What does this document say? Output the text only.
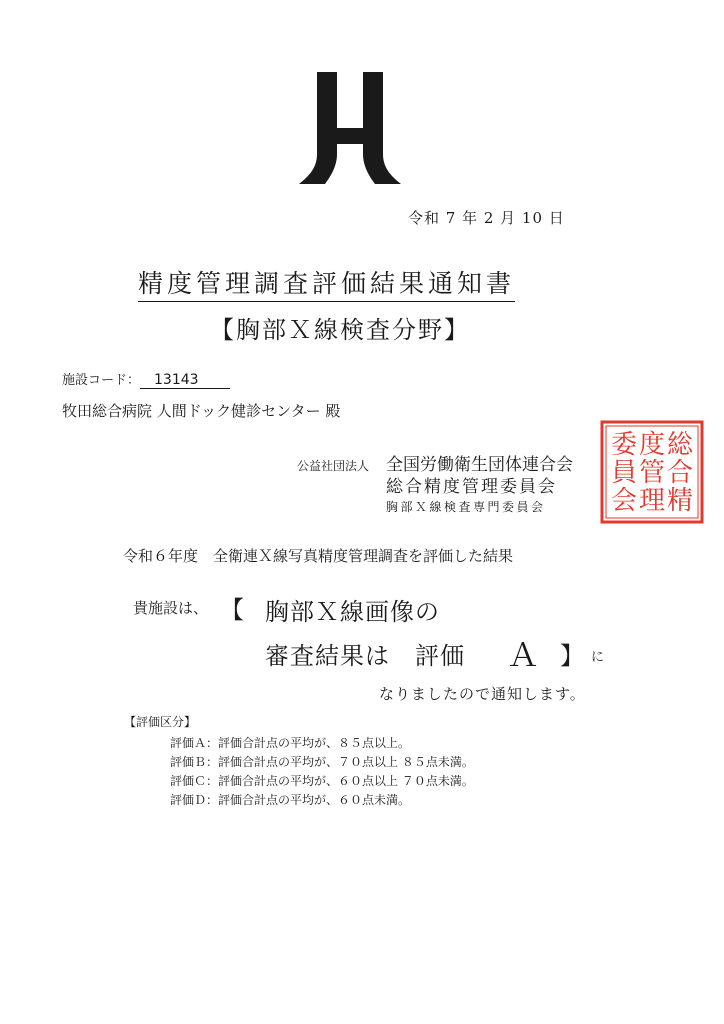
令和 7 年 2 月 10 日
精度管理調査評価結果通知書
【胸部Ｘ線検査分野】
施設コード： 13143
牧田総合病院 人間ドック健診センター 殿
公益社団法人 全国労働衛生団体連合会
総合精度管理委員会
胸部Ｘ線検査専門委員会
総
合
精
度
管
理
委
員
会
令和６年度　全衛連Ｘ線写真精度管理調査を評価した結果
貴施設は、 【 胸部Ｘ線画像の
審査結果は　評価 Ａ 】 に
なりましたので通知します。
【評価区分】
評価Ａ：評価合計点の平均が、８５点以上。
評価Ｂ：評価合計点の平均が、７０点以上 ８５点未満。
評価Ｃ：評価合計点の平均が、６０点以上 ７０点未満。
評価Ｄ：評価合計点の平均が、６０点未満。
